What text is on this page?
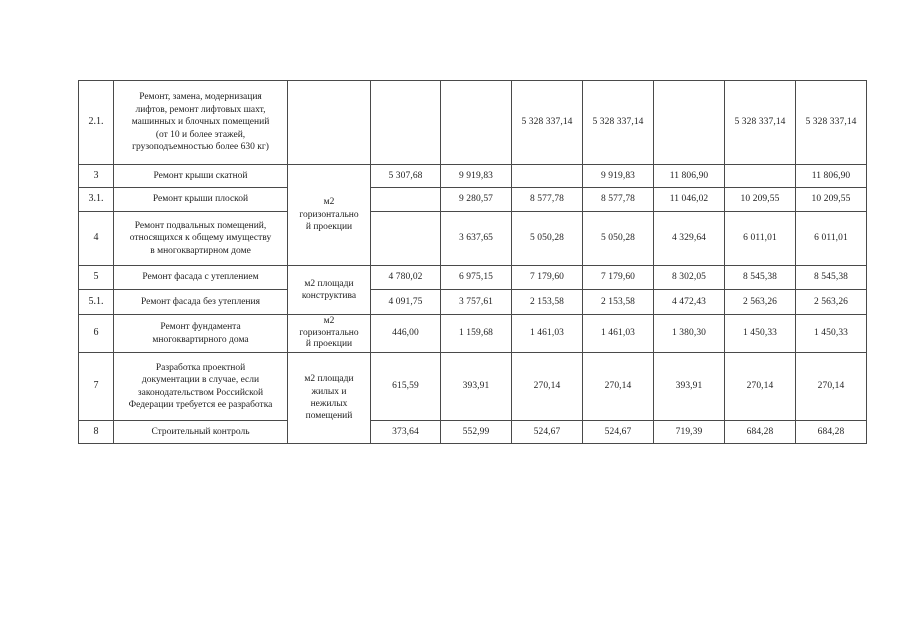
2.1.	Ремонт, замена, модернизация
лифтов, ремонт лифтовых шахт,
машинных и блочных помещений
(от 10 и более этажей,
грузоподъемностью более 630 кг)				5 328 337,14	5 328 337,14		5 328 337,14	5 328 337,14
3	Ремонт крыши скатной	м2
горизонтально
й проекции	5 307,68	9 919,83		9 919,83	11 806,90		11 806,90
3.1.	Ремонт крыши плоской			9 280,57	8 577,78	8 577,78	11 046,02	10 209,55	10 209,55
4	Ремонт подвальных помещений,
относящихся к общему имуществу
в многоквартирном доме			3 637,65	5 050,28	5 050,28	4 329,64	6 011,01	6 011,01
5	Ремонт фасада с утеплением	м2 площади
конструктива	4 780,02	6 975,15	7 179,60	7 179,60	8 302,05	8 545,38	8 545,38
5.1.	Ремонт фасада без утепления		4 091,75	3 757,61	2 153,58	2 153,58	4 472,43	2 563,26	2 563,26
6	Ремонт фундамента
многоквартирного дома	м2
горизонтально
й проекции	446,00	1 159,68	1 461,03	1 461,03	1 380,30	1 450,33	1 450,33
7	Разработка проектной
документации в случае, если
законодательством Российской
Федерации требуется ее разработка	м2 площади
жилых и
нежилых
помещений	615,59	393,91	270,14	270,14	393,91	270,14	270,14
8	Строительный контроль		373,64	552,99	524,67	524,67	719,39	684,28	684,28
